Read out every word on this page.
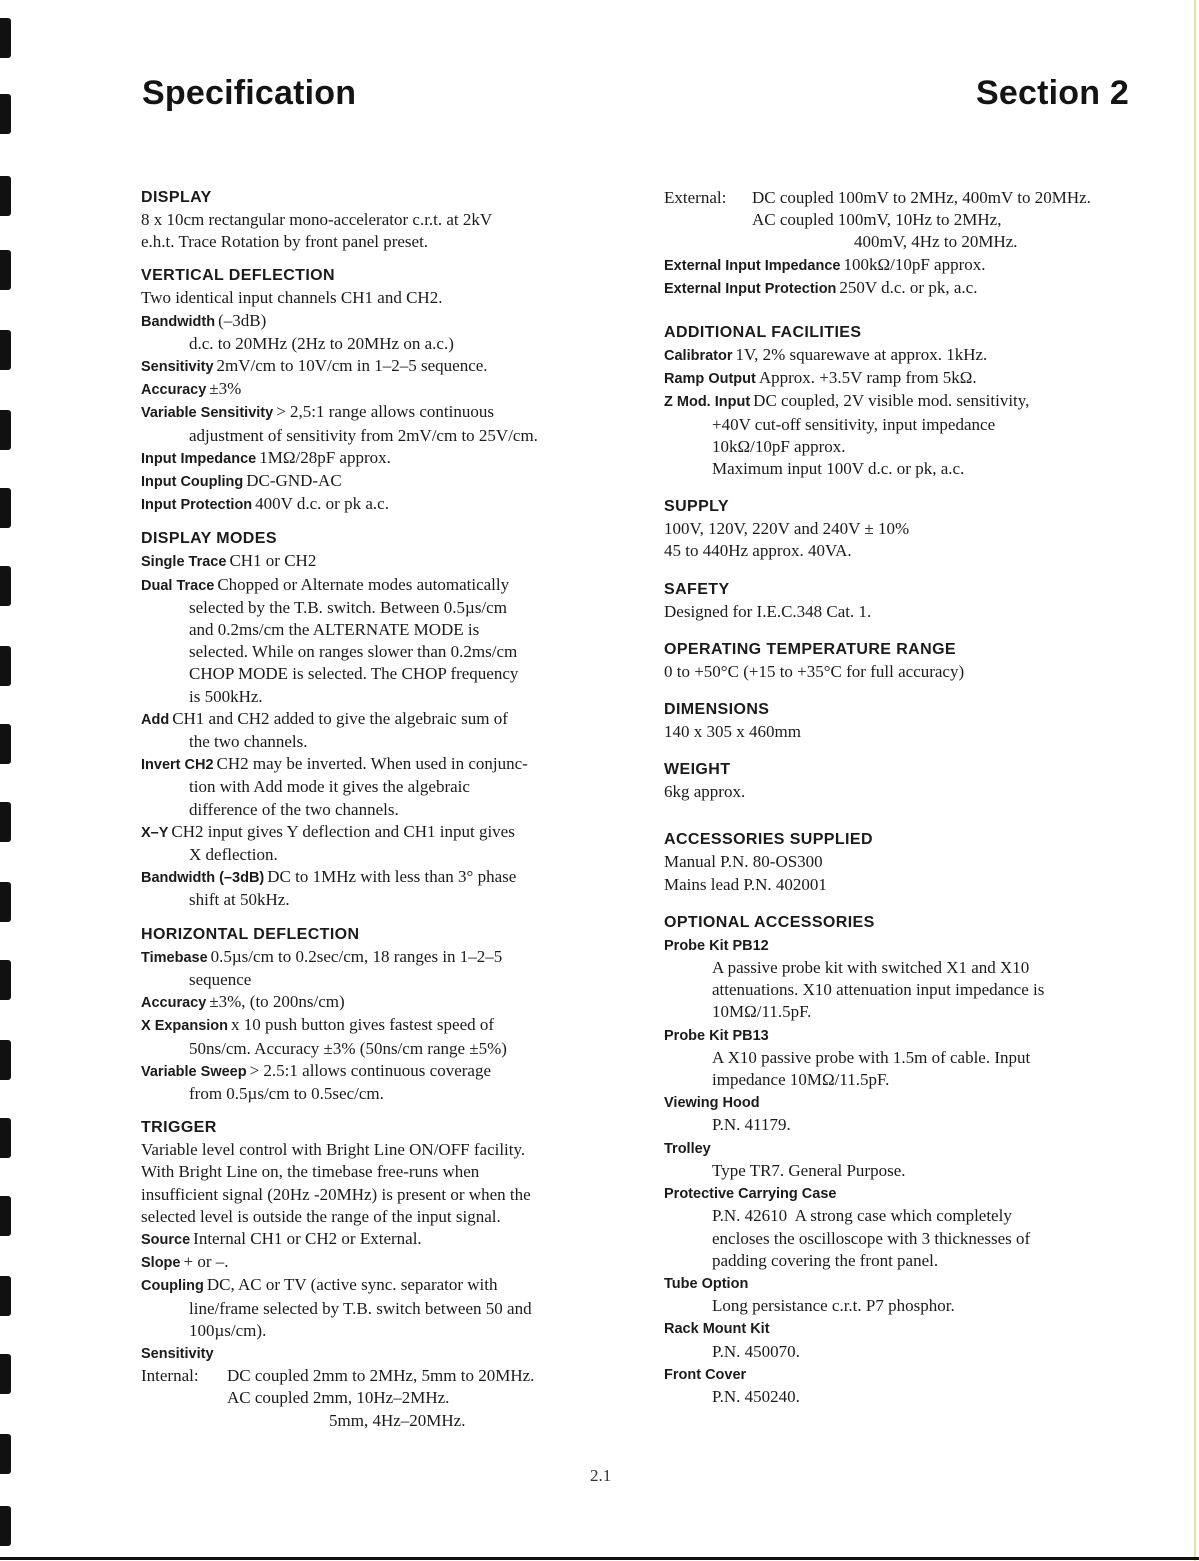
Specification	Section 2
DISPLAY
8 x 10cm rectangular mono-accelerator c.r.t. at 2kV
e.h.t. Trace Rotation by front panel preset.
VERTICAL DEFLECTION
Two identical input channels CH1 and CH2.
Bandwidth (–3dB)
d.c. to 20MHz (2Hz to 20MHz on a.c.)
Sensitivity 2mV/cm to 10V/cm in 1–2–5 sequence.
Accuracy ±3%
Variable Sensitivity > 2,5:1 range allows continuous
adjustment of sensitivity from 2mV/cm to 25V/cm.
Input Impedance 1MΩ/28pF approx.
Input Coupling DC-GND-AC
Input Protection 400V d.c. or pk a.c.
DISPLAY MODES
Single Trace CH1 or CH2
Dual Trace Chopped or Alternate modes automatically
selected by the T.B. switch. Between 0.5µs/cm
and 0.2ms/cm the ALTERNATE MODE is
selected. While on ranges slower than 0.2ms/cm
CHOP MODE is selected. The CHOP frequency
is 500kHz.
Add CH1 and CH2 added to give the algebraic sum of
the two channels.
Invert CH2 CH2 may be inverted. When used in conjunc-
tion with Add mode it gives the algebraic
difference of the two channels.
X–Y CH2 input gives Y deflection and CH1 input gives
X deflection.
Bandwidth (–3dB) DC to 1MHz with less than 3° phase
shift at 50kHz.
HORIZONTAL DEFLECTION
Timebase 0.5µs/cm to 0.2sec/cm, 18 ranges in 1–2–5
sequence
Accuracy ±3%, (to 200ns/cm)
X Expansion x 10 push button gives fastest speed of
50ns/cm. Accuracy ±3% (50ns/cm range ±5%)
Variable Sweep > 2.5:1 allows continuous coverage
from 0.5µs/cm to 0.5sec/cm.
TRIGGER
Variable level control with Bright Line ON/OFF facility.
With Bright Line on, the timebase free-runs when
insufficient signal (20Hz -20MHz) is present or when the
selected level is outside the range of the input signal.
Source Internal CH1 or CH2 or External.
Slope + or –.
Coupling DC, AC or TV (active sync. separator with
line/frame selected by T.B. switch between 50 and
100µs/cm).
Sensitivity
Internal: DC coupled 2mm to 2MHz, 5mm to 20MHz.
AC coupled 2mm, 10Hz–2MHz.
5mm, 4Hz–20MHz.
External: DC coupled 100mV to 2MHz, 400mV to 20MHz.
AC coupled 100mV, 10Hz to 2MHz,
400mV, 4Hz to 20MHz.
External Input Impedance 100kΩ/10pF approx.
External Input Protection 250V d.c. or pk, a.c.
ADDITIONAL FACILITIES
Calibrator 1V, 2% squarewave at approx. 1kHz.
Ramp Output Approx. +3.5V ramp from 5kΩ.
Z Mod. Input DC coupled, 2V visible mod. sensitivity,
+40V cut-off sensitivity, input impedance
10kΩ/10pF approx.
Maximum input 100V d.c. or pk, a.c.
SUPPLY
100V, 120V, 220V and 240V ± 10%
45 to 440Hz approx. 40VA.
SAFETY
Designed for I.E.C.348 Cat. 1.
OPERATING TEMPERATURE RANGE
0 to +50°C (+15 to +35°C for full accuracy)
DIMENSIONS
140 x 305 x 460mm
WEIGHT
6kg approx.
ACCESSORIES SUPPLIED
Manual P.N. 80-OS300
Mains lead P.N. 402001
OPTIONAL ACCESSORIES
Probe Kit PB12
A passive probe kit with switched X1 and X10
attenuations. X10 attenuation input impedance is
10MΩ/11.5pF.
Probe Kit PB13
A X10 passive probe with 1.5m of cable. Input
impedance 10MΩ/11.5pF.
Viewing Hood
P.N. 41179.
Trolley
Type TR7. General Purpose.
Protective Carrying Case
P.N. 42610  A strong case which completely
encloses the oscilloscope with 3 thicknesses of
padding covering the front panel.
Tube Option
Long persistance c.r.t. P7 phosphor.
Rack Mount Kit
P.N. 450070.
Front Cover
P.N. 450240.
2.1
